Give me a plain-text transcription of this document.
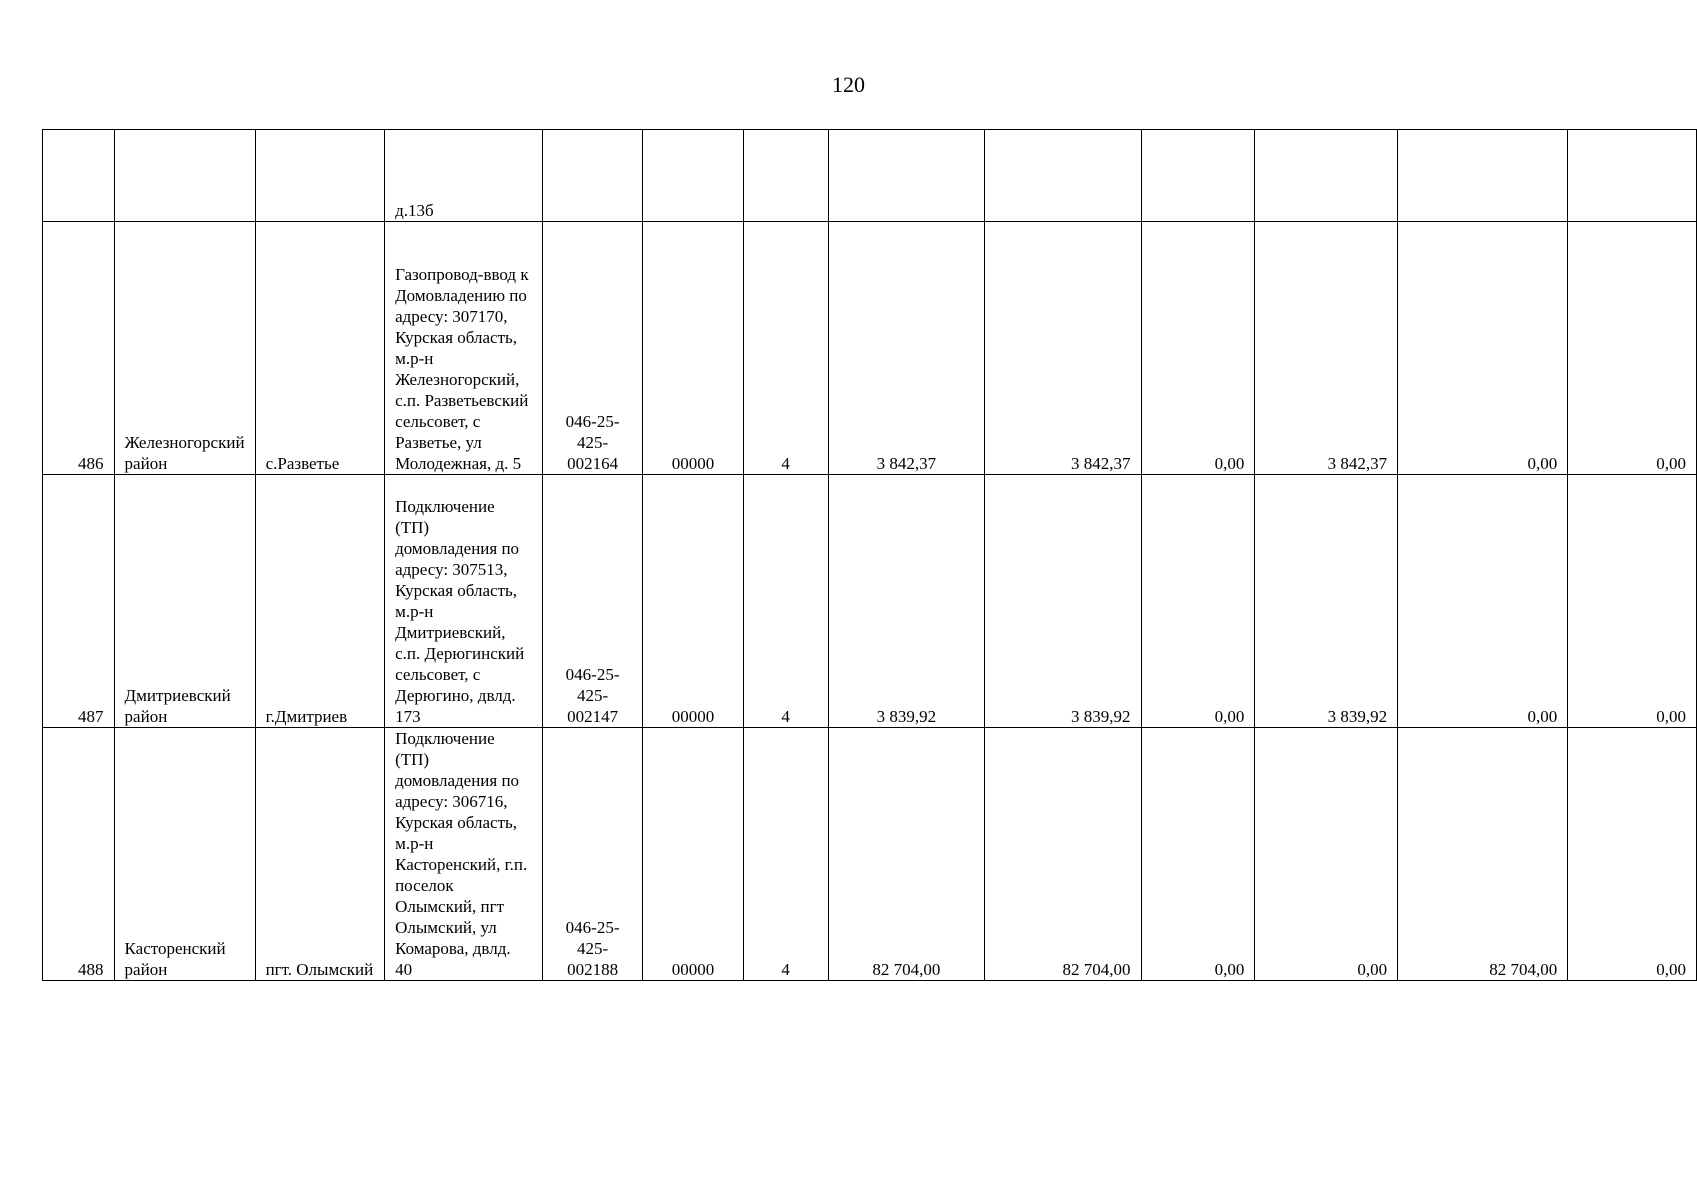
120
			д.13б									
486	Железногорский район	с.Разветье	Газопровод-ввод к Домовладению по адресу: 307170, Курская область, м.р-н Железногорский, с.п. Разветьевский сельсовет, с Разветье, ул Молодежная, д. 5	046-25-425-002164	00000	4	3 842,37	3 842,37	0,00	3 842,37	0,00	0,00
487	Дмитриевский район	г.Дмитриев	Подключение (ТП) домовладения по адресу: 307513, Курская область, м.р-н Дмитриевский, с.п. Дерюгинский сельсовет, с Дерюгино, двлд. 173	046-25-425-002147	00000	4	3 839,92	3 839,92	0,00	3 839,92	0,00	0,00
488	Касторенский район	пгт. Олымский	Подключение (ТП) домовладения по адресу: 306716, Курская область, м.р-н Касторенский, г.п. поселок Олымский, пгт Олымский, ул Комарова, двлд. 40	046-25-425-002188	00000	4	82 704,00	82 704,00	0,00	0,00	82 704,00	0,00
